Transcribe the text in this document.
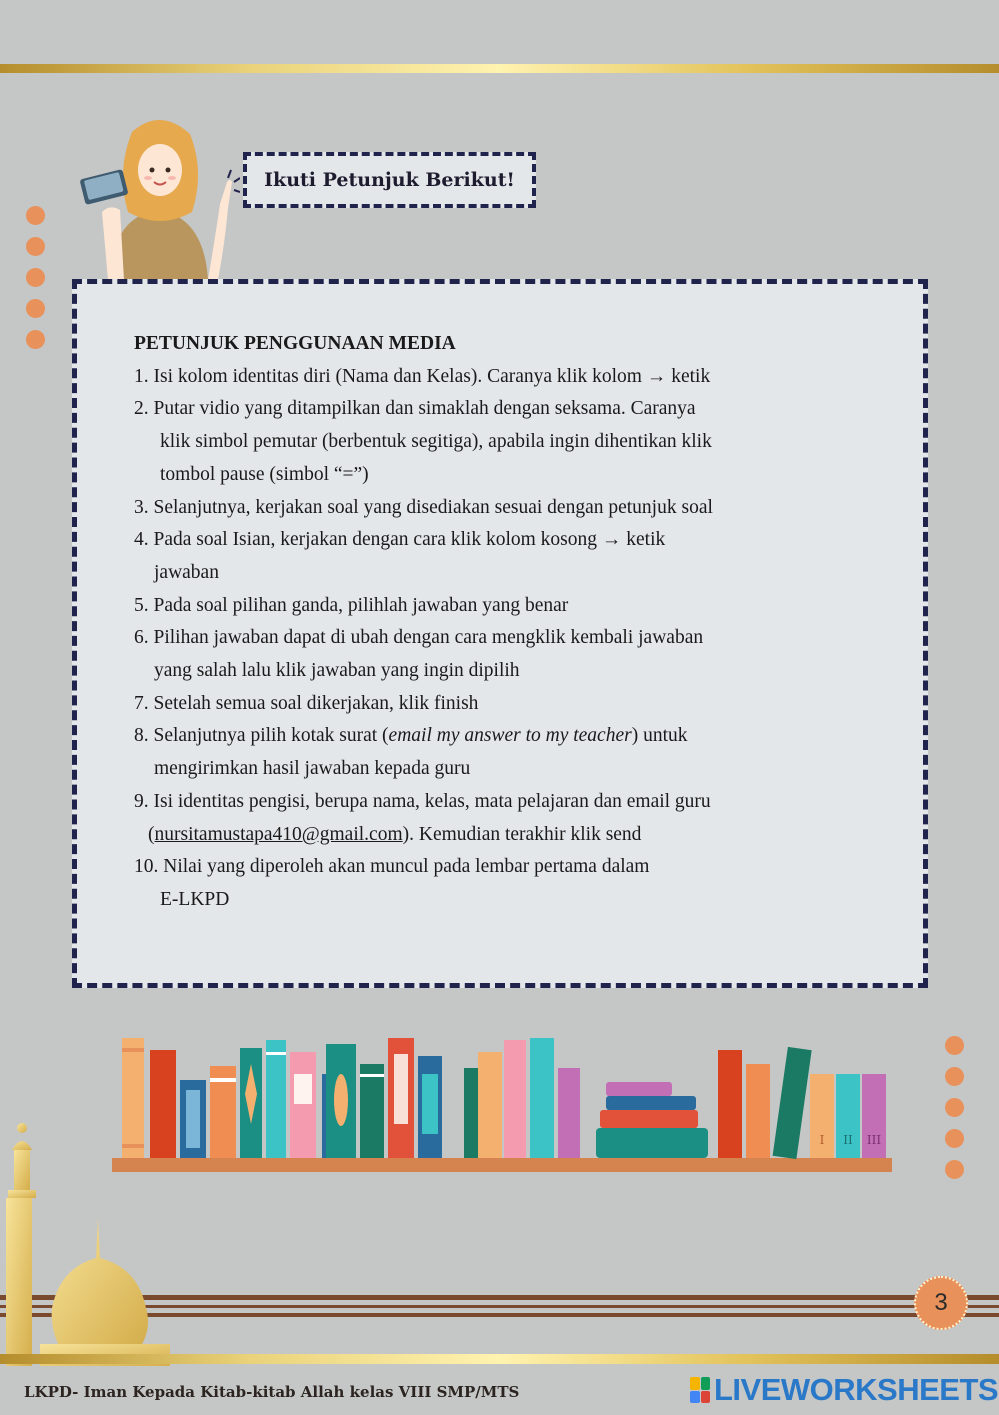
Ikuti Petunjuk Berikut!
PETUNJUK PENGGUNAAN MEDIA
1. Isi kolom identitas diri (Nama dan Kelas). Caranya klik kolom → ketik
2. Putar vidio yang ditampilkan dan simaklah dengan seksama. Caranya
klik simbol pemutar (berbentuk segitiga), apabila ingin dihentikan klik
tombol pause (simbol “=”)
3. Selanjutnya, kerjakan soal yang disediakan sesuai dengan petunjuk soal
4. Pada soal Isian, kerjakan dengan cara klik kolom kosong → ketik
jawaban
5. Pada soal pilihan ganda, pilihlah jawaban yang benar
6. Pilihan jawaban dapat di ubah dengan cara mengklik kembali jawaban
yang salah lalu klik jawaban yang ingin dipilih
7. Setelah semua soal dikerjakan, klik finish
8. Selanjutnya pilih kotak surat (email my answer to my teacher) untuk
mengirimkan hasil jawaban kepada guru
9. Isi identitas pengisi, berupa nama, kelas, mata pelajaran dan email guru
(nursitamustapa410@gmail.com). Kemudian terakhir klik send
10. Nilai yang diperoleh akan muncul pada lembar pertama dalam
E-LKPD
I II III
3
LKPD- Iman Kepada Kitab-kitab Allah kelas VIII SMP/MTS	LIVEWORKSHEETS
